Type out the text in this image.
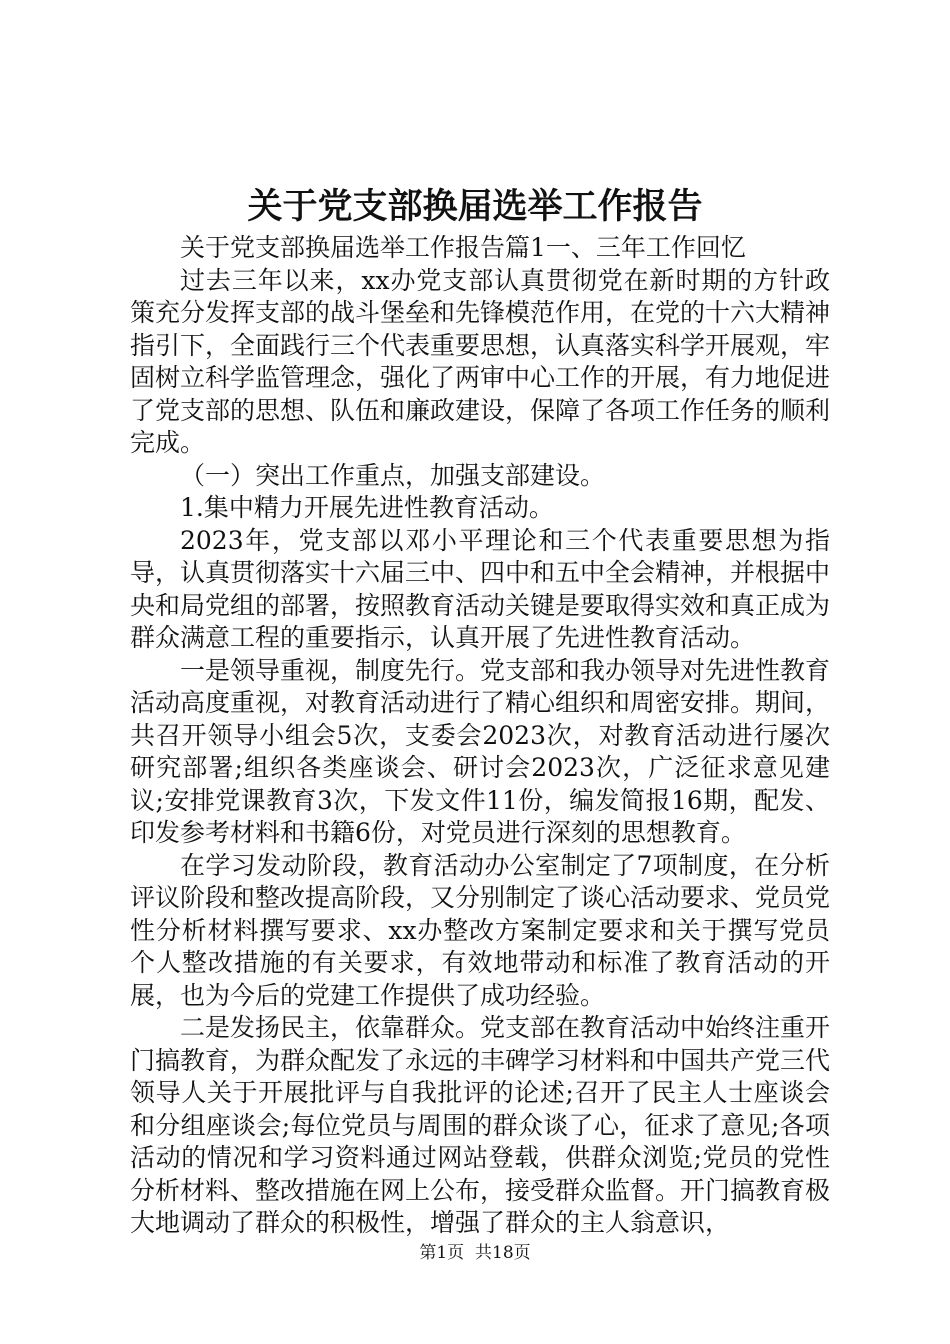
关于党支部换届选举工作报告

关于党支部换届选举工作报告篇1一、三年工作回忆

过去三年以来，xx办党支部认真贯彻党在新时期的方针政策充分发挥支部的战斗堡垒和先锋模范作用，在党的十六大精神指引下，全面践行三个代表重要思想，认真落实科学开展观，牢固树立科学监管理念，强化了两审中心工作的开展，有力地促进了党支部的思想、队伍和廉政建设，保障了各项工作任务的顺利完成。

（一）突出工作重点，加强支部建设。

1.集中精力开展先进性教育活动。

2023年，党支部以邓小平理论和三个代表重要思想为指导，认真贯彻落实十六届三中、四中和五中全会精神，并根据中央和局党组的部署，按照教育活动关键是要取得实效和真正成为群众满意工程的重要指示，认真开展了先进性教育活动。

一是领导重视，制度先行。党支部和我办领导对先进性教育活动高度重视，对教育活动进行了精心组织和周密安排。期间，共召开领导小组会5次，支委会2023次，对教育活动进行屡次研究部署;组织各类座谈会、研讨会2023次，广泛征求意见建议;安排党课教育3次，下发文件11份，编发简报16期，配发、印发参考材料和书籍6份，对党员进行深刻的思想教育。

在学习发动阶段，教育活动办公室制定了7项制度，在分析评议阶段和整改提高阶段，又分别制定了谈心活动要求、党员党性分析材料撰写要求、xx办整改方案制定要求和关于撰写党员个人整改措施的有关要求，有效地带动和标准了教育活动的开展，也为今后的党建工作提供了成功经验。

二是发扬民主，依靠群众。党支部在教育活动中始终注重开门搞教育，为群众配发了永远的丰碑学习材料和中国共产党三代领导人关于开展批评与自我批评的论述;召开了民主人士座谈会和分组座谈会;每位党员与周围的群众谈了心，征求了意见;各项活动的情况和学习资料通过网站登载，供群众浏览;党员的党性分析材料、整改措施在网上公布，接受群众监督。开门搞教育极大地调动了群众的积极性，增强了群众的主人翁意识，

第1页 共18页
